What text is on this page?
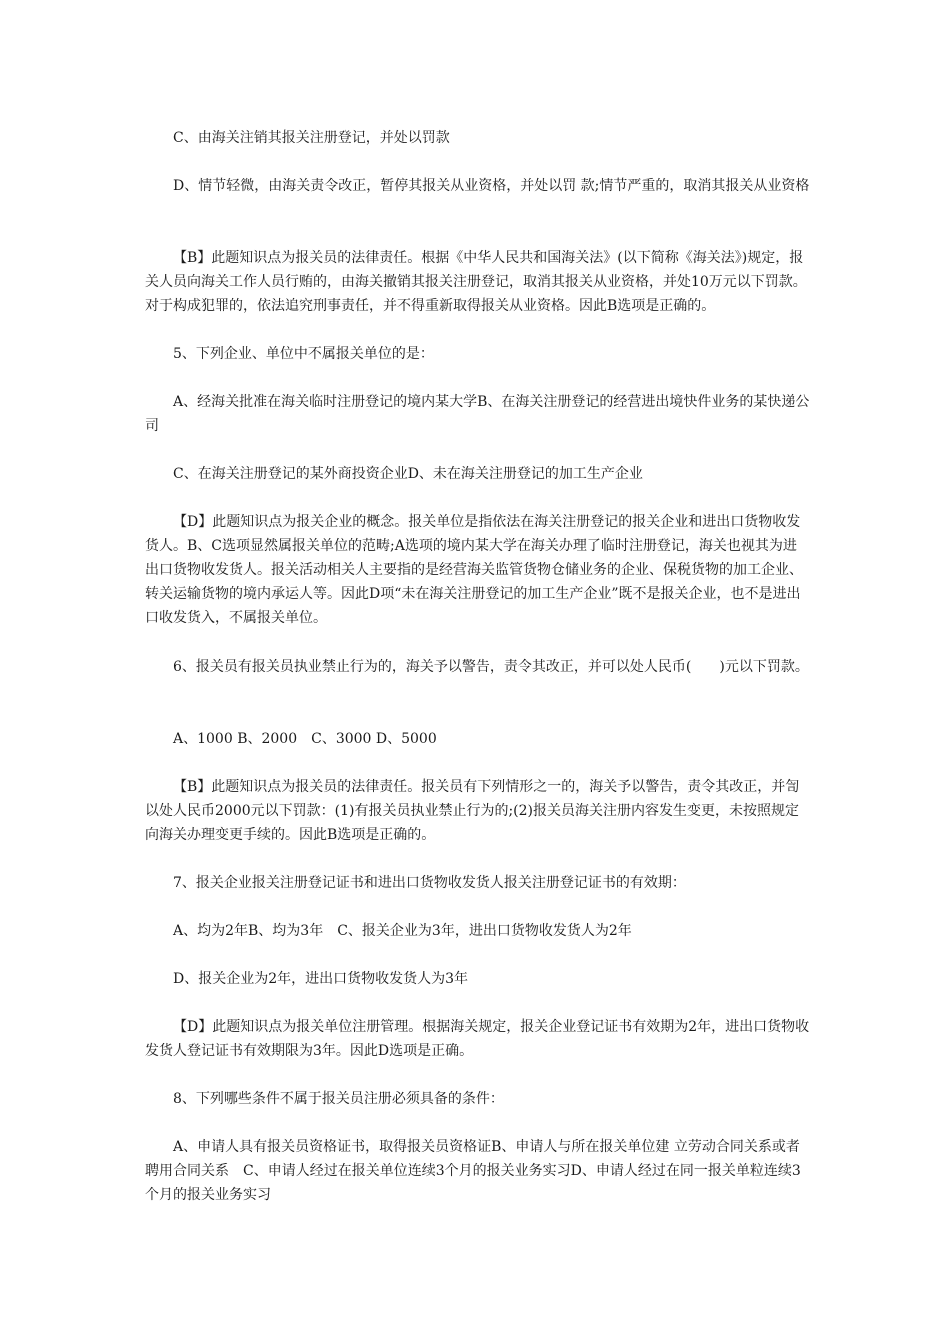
C、由海关注销其报关注册登记，并处以罚款
D、情节轻微，由海关责令改正，暂停其报关从业资格，并处以罚 款;情节严重的，取消其报关从业资格
【B】此题知识点为报关员的法律责任。根据《中华人民共和国海关法》(以下简称《海关法》)规定，报关人员向海关工作人员行贿的，由海关撤销其报关注册登记，取消其报关从业资格，并处10万元以下罚款。对于构成犯罪的，依法追究刑事责任，并不得重新取得报关从业资格。因此B选项是正确的。
5、下列企业、单位中不属报关单位的是：
A、经海关批准在海关临时注册登记的境内某大学B、在海关注册登记的经营进出境快件业务的某快递公司
C、在海关注册登记的某外商投资企业D、未在海关注册登记的加工生产企业
【D】此题知识点为报关企业的概念。报关单位是指依法在海关注册登记的报关企业和进出口货物收发货人。B、C选项显然属报关单位的范畴;A选项的境内某大学在海关办理了临时注册登记，海关也视其为进出口货物收发货人。报关活动相关人主要指的是经营海关监管货物仓储业务的企业、保税货物的加工企业、转关运输货物的境内承运人等。因此D项“未在海关注册登记的加工生产企业”既不是报关企业，也不是进出口收发货入，不属报关单位。
6、报关员有报关员执业禁止行为的，海关予以警告，责令其改正，并可以处人民币(　　)元以下罚款。
A、1000 B、2000　C、3000 D、5000
【B】此题知识点为报关员的法律责任。报关员有下列情形之一的，海关予以警告，责令其改正，并訇以处人民币2000元以下罚款：(1)有报关员执业禁止行为的;(2)报关员海关注册内容发生变更，未按照规定向海关办理变更手续的。因此B选项是正确的。
7、报关企业报关注册登记证书和进出口货物收发货人报关注册登记证书的有效期：
A、均为2年B、均为3年　C、报关企业为3年，进出口货物收发货人为2年
D、报关企业为2年，进出口货物收发货人为3年
【D】此题知识点为报关单位注册管理。根据海关规定，报关企业登记证书有效期为2年，进出口货物收发货人登记证书有效期限为3年。因此D选项是正确。
8、下列哪些条件不属于报关员注册必须具备的条件：
A、申请人具有报关员资格证书，取得报关员资格证B、申请人与所在报关单位建 立劳动合同关系或者聘用合同关系　C、申请人经过在报关单位连续3个月的报关业务实习D、申请人经过在同一报关单粒连续3个月的报关业务实习
